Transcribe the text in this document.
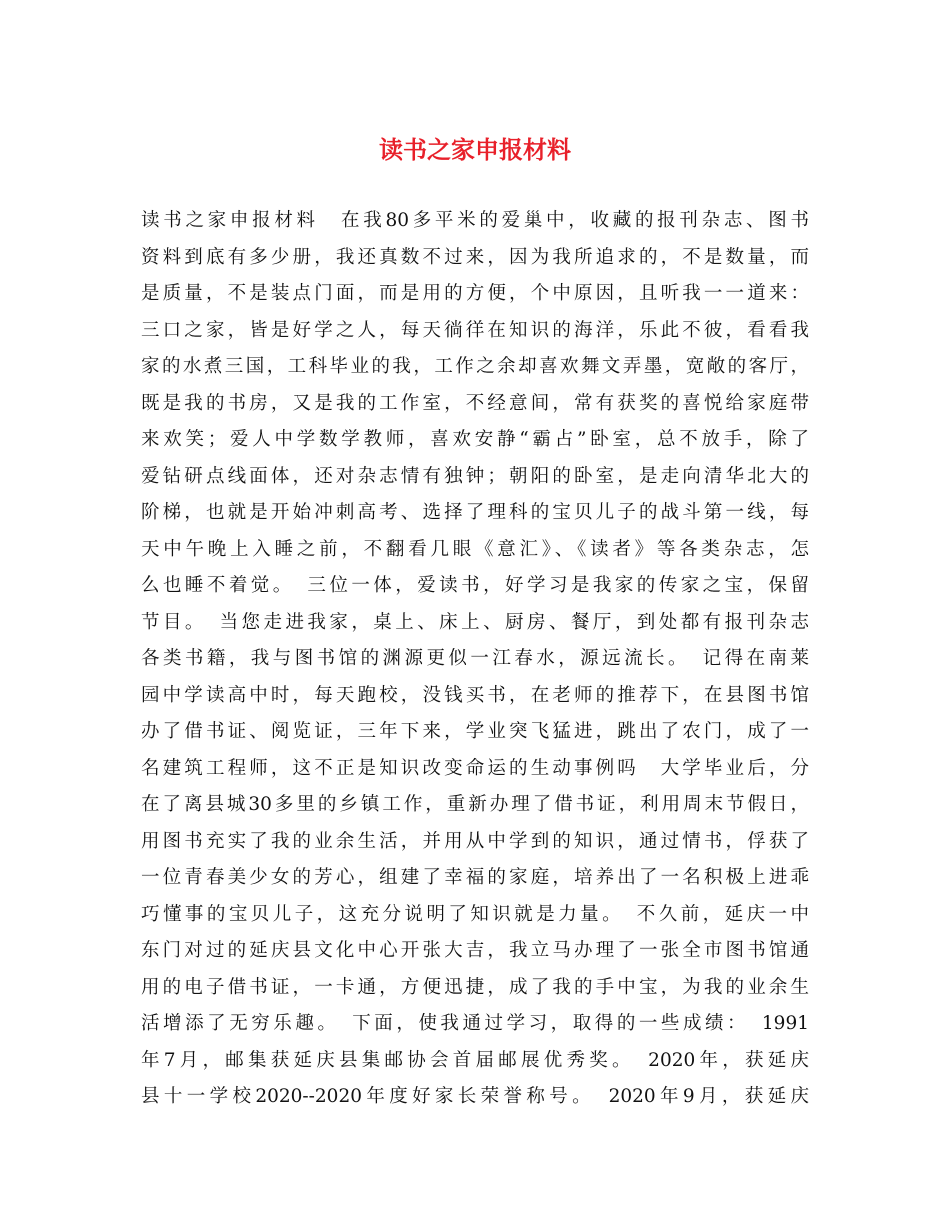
读书之家申报材料
读书之家申报材料　在我80多平米的爱巢中，收藏的报刊杂志、图书
资料到底有多少册，我还真数不过来，因为我所追求的，不是数量，而
是质量，不是装点门面，而是用的方便，个中原因，且听我一一道来：
三口之家，皆是好学之人，每天徜徉在知识的海洋，乐此不彼，看看我
家的水煮三国，工科毕业的我，工作之余却喜欢舞文弄墨，宽敞的客厅，
既是我的书房，又是我的工作室，不经意间，常有获奖的喜悦给家庭带
来欢笑；爱人中学数学教师，喜欢安静“霸占”卧室，总不放手，除了
爱钻研点线面体，还对杂志情有独钟；朝阳的卧室，是走向清华北大的
阶梯，也就是开始冲刺高考、选择了理科的宝贝儿子的战斗第一线，每
天中午晚上入睡之前，不翻看几眼《意汇》、《读者》等各类杂志，怎
么也睡不着觉。　三位一体，爱读书，好学习是我家的传家之宝，保留
节目。　当您走进我家，桌上、床上、厨房、餐厅，到处都有报刊杂志
各类书籍，我与图书馆的渊源更似一江春水，源远流长。　记得在南莱
园中学读高中时，每天跑校，没钱买书，在老师的推荐下，在县图书馆
办了借书证、阅览证，三年下来，学业突飞猛进，跳出了农门，成了一
名建筑工程师，这不正是知识改变命运的生动事例吗　大学毕业后，分
在了离县城30多里的乡镇工作，重新办理了借书证，利用周末节假日，
用图书充实了我的业余生活，并用从中学到的知识，通过情书，俘获了
一位青春美少女的芳心，组建了幸福的家庭，培养出了一名积极上进乖
巧懂事的宝贝儿子，这充分说明了知识就是力量。　不久前，延庆一中
东门对过的延庆县文化中心开张大吉，我立马办理了一张全市图书馆通
用的电子借书证，一卡通，方便迅捷，成了我的手中宝，为我的业余生
活增添了无穷乐趣。　下面，使我通过学习，取得的一些成绩：　1991
年7月，邮集获延庆县集邮协会首届邮展优秀奖。　2020年，获延庆
县十一学校2020--2020年度好家长荣誉称号。　2020年9月，获延庆
